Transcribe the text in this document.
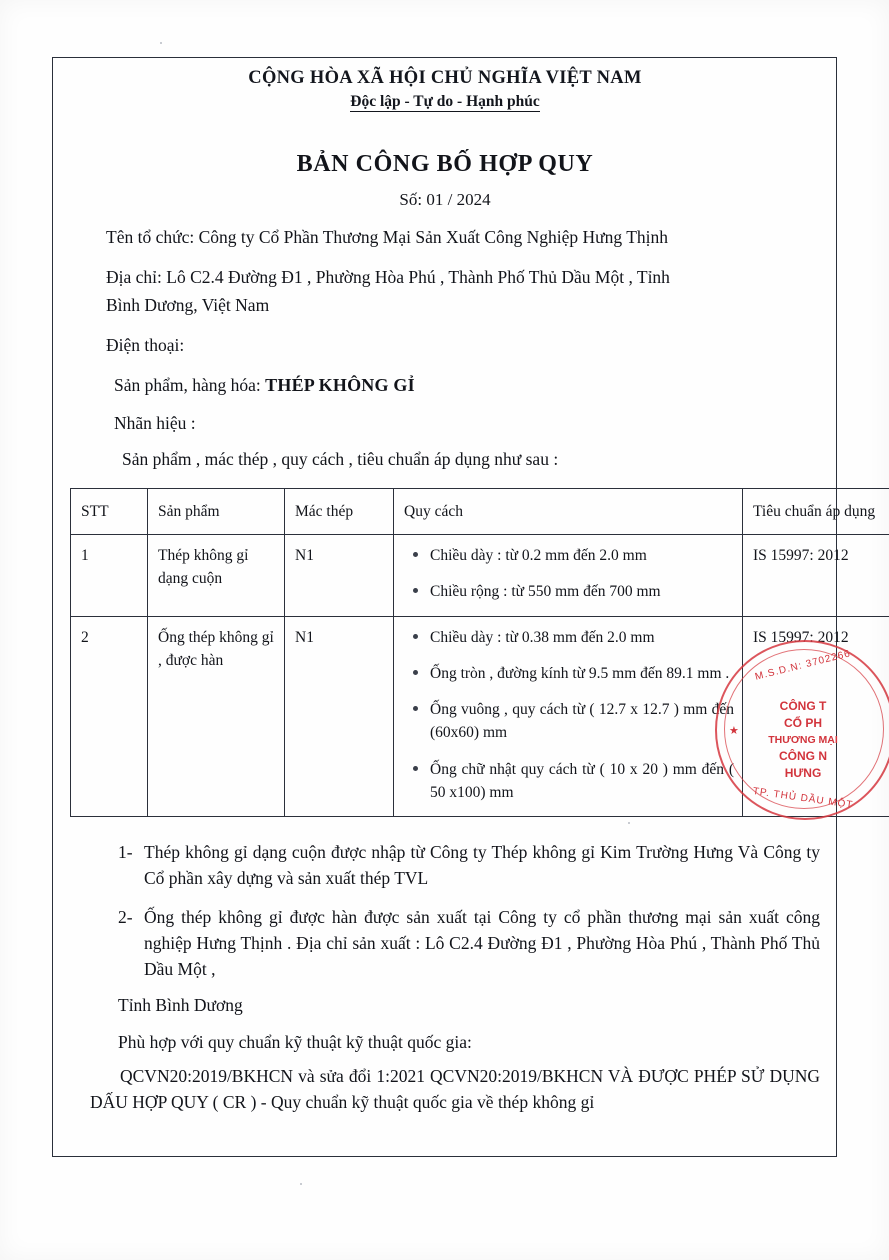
CỘNG HÒA XÃ HỘI CHỦ NGHĨA VIỆT NAM
Độc lập - Tự do - Hạnh phúc
BẢN CÔNG BỐ HỢP QUY
Số: 01 / 2024
Tên tổ chức: Công ty Cổ Phần Thương Mại Sản Xuất Công Nghiệp Hưng Thịnh
Địa chỉ: Lô C2.4 Đường Đ1 , Phường Hòa Phú , Thành Phố Thủ Dầu Một , Tỉnh
Bình Dương, Việt Nam
Điện thoại:
Sản phẩm, hàng hóa: THÉP KHÔNG GỈ
Nhãn hiệu :
Sản phẩm , mác thép , quy cách , tiêu chuẩn áp dụng như sau :
STT	Sản phẩm	Mác thép	Quy cách	Tiêu chuẩn áp dụng
1	Thép không gỉ dạng cuộn	N1	Chiều dày : từ 0.2 mm đến 2.0 mm
Chiều rộng : từ 550 mm đến 700 mm
	IS 15997: 2012
2	Ống thép không gỉ , được hàn	N1	Chiều dày : từ 0.38 mm đến 2.0 mm
Ống tròn , đường kính từ 9.5 mm đến 89.1 mm .
Ống vuông , quy cách từ ( 12.7 x 12.7 ) mm đến (60x60) mm
Ống chữ nhật quy cách từ ( 10 x 20 ) mm đến ( 50 x100) mm
	IS 15997: 2012
1- Thép không gỉ dạng cuộn được nhập từ Công ty Thép không gỉ Kim Trường Hưng Và Công ty Cổ phần xây dựng và sản xuất thép TVL
2- Ống thép không gỉ được hàn được sản xuất tại Công ty cổ phần thương mại sản xuất công nghiệp Hưng Thịnh . Địa chỉ sản xuất : Lô C2.4 Đường Đ1 , Phường Hòa Phú , Thành Phố Thủ Dầu Một ,
Tỉnh Bình Dương
Phù hợp với quy chuẩn kỹ thuật kỹ thuật quốc gia:
QCVN20:2019/BKHCN và sửa đổi 1:2021 QCVN20:2019/BKHCN VÀ ĐƯỢC PHÉP SỬ DỤNG DẤU HỢP QUY ( CR ) - Quy chuẩn kỹ thuật quốc gia về thép không gỉ
M.S.D.N: 3702266
★
CÔNG T
CỔ PH
THƯƠNG MẠI
CÔNG N
HƯNG
TP. THỦ DẦU MỘT
